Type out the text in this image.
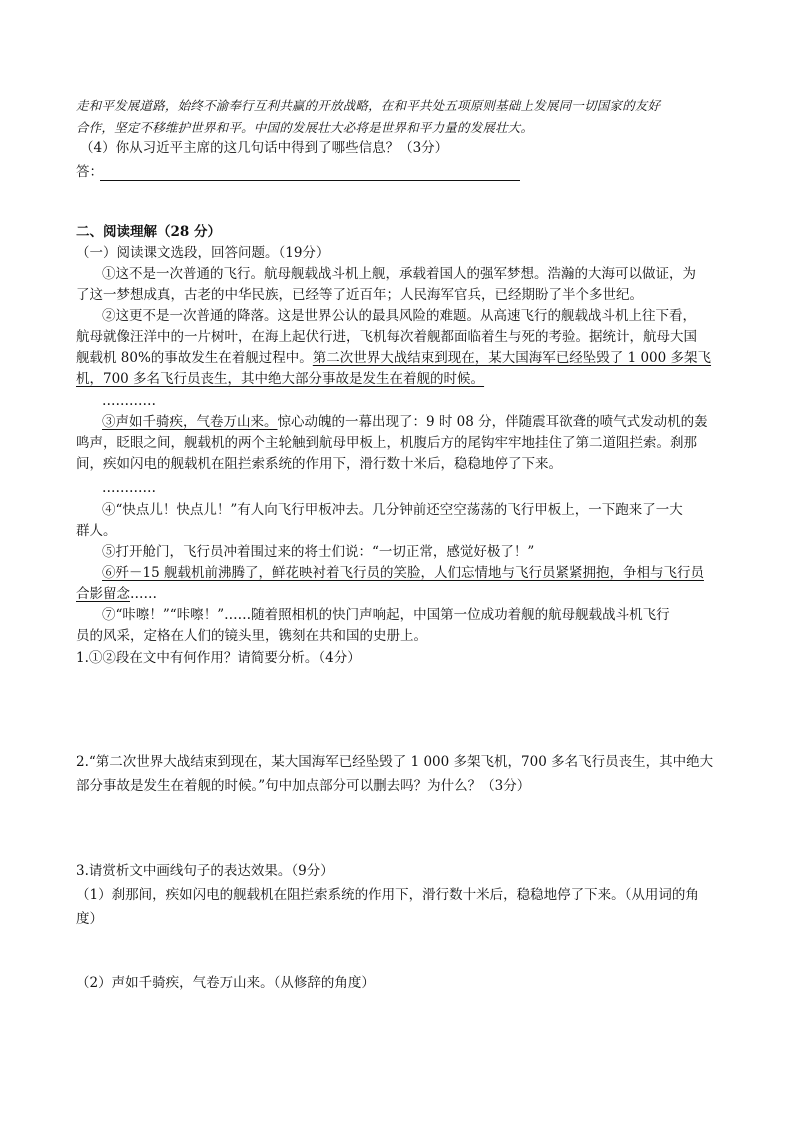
走和平发展道路，始终不渝奉行互利共赢的开放战略，在和平共处五项原则基础上发展同一切国家的友好
合作，坚定不移维护世界和平。中国的发展壮大必将是世界和平力量的发展壮大。
（4）你从习近平主席的这几句话中得到了哪些信息？（3分）
答：
二、阅读理解（28 分）
（一）阅读课文选段，回答问题。（19分）
①这不是一次普通的飞行。航母舰载战斗机上舰，承载着国人的强军梦想。浩瀚的大海可以做证，为
了这一梦想成真，古老的中华民族，已经等了近百年；人民海军官兵，已经期盼了半个多世纪。
②这更不是一次普通的降落。这是世界公认的最具风险的难题。从高速飞行的舰载战斗机上往下看，
航母就像汪洋中的一片树叶，在海上起伏行进，飞机每次着舰都面临着生与死的考验。据统计，航母大国
舰载机 80%的事故发生在着舰过程中。第二次世界大战结束到现在，某大国海军已经坠毁了 1 000 多架飞
机，700 多名飞行员丧生，其中绝大部分事故是发生在着舰的时候。
…………
③声如千骑疾，气卷万山来。惊心动魄的一幕出现了：9 时 08 分，伴随震耳欲聋的喷气式发动机的轰
鸣声，眨眼之间，舰载机的两个主轮触到航母甲板上，机腹后方的尾钩牢牢地挂住了第二道阻拦索。刹那
间，疾如闪电的舰载机在阻拦索系统的作用下，滑行数十米后，稳稳地停了下来。
…………
④“快点儿！快点儿！”有人向飞行甲板冲去。几分钟前还空空荡荡的飞行甲板上，一下跑来了一大
群人。
⑤打开舱门，飞行员冲着围过来的将士们说：“一切正常，感觉好极了！”
⑥歼－15 舰载机前沸腾了，鲜花映衬着飞行员的笑脸，人们忘情地与飞行员紧紧拥抱，争相与飞行员
合影留念……
⑦“咔嚓！”“咔嚓！”……随着照相机的快门声响起，中国第一位成功着舰的航母舰载战斗机飞行
员的风采，定格在人们的镜头里，镌刻在共和国的史册上。
1.①②段在文中有何作用？请简要分析。（4分）
2.“第二次世界大战结束到现在，某大国海军已经坠毁了 1 000 多架飞机，700 多名飞行员丧生，其中绝大
部分事故是发生在着舰的时候。”句中加点部分可以删去吗？为什么？（3分）
3.请赏析文中画线句子的表达效果。（9分）
（1）刹那间，疾如闪电的舰载机在阻拦索系统的作用下，滑行数十米后，稳稳地停了下来。（从用词的角
度）
（2）声如千骑疾，气卷万山来。（从修辞的角度）
